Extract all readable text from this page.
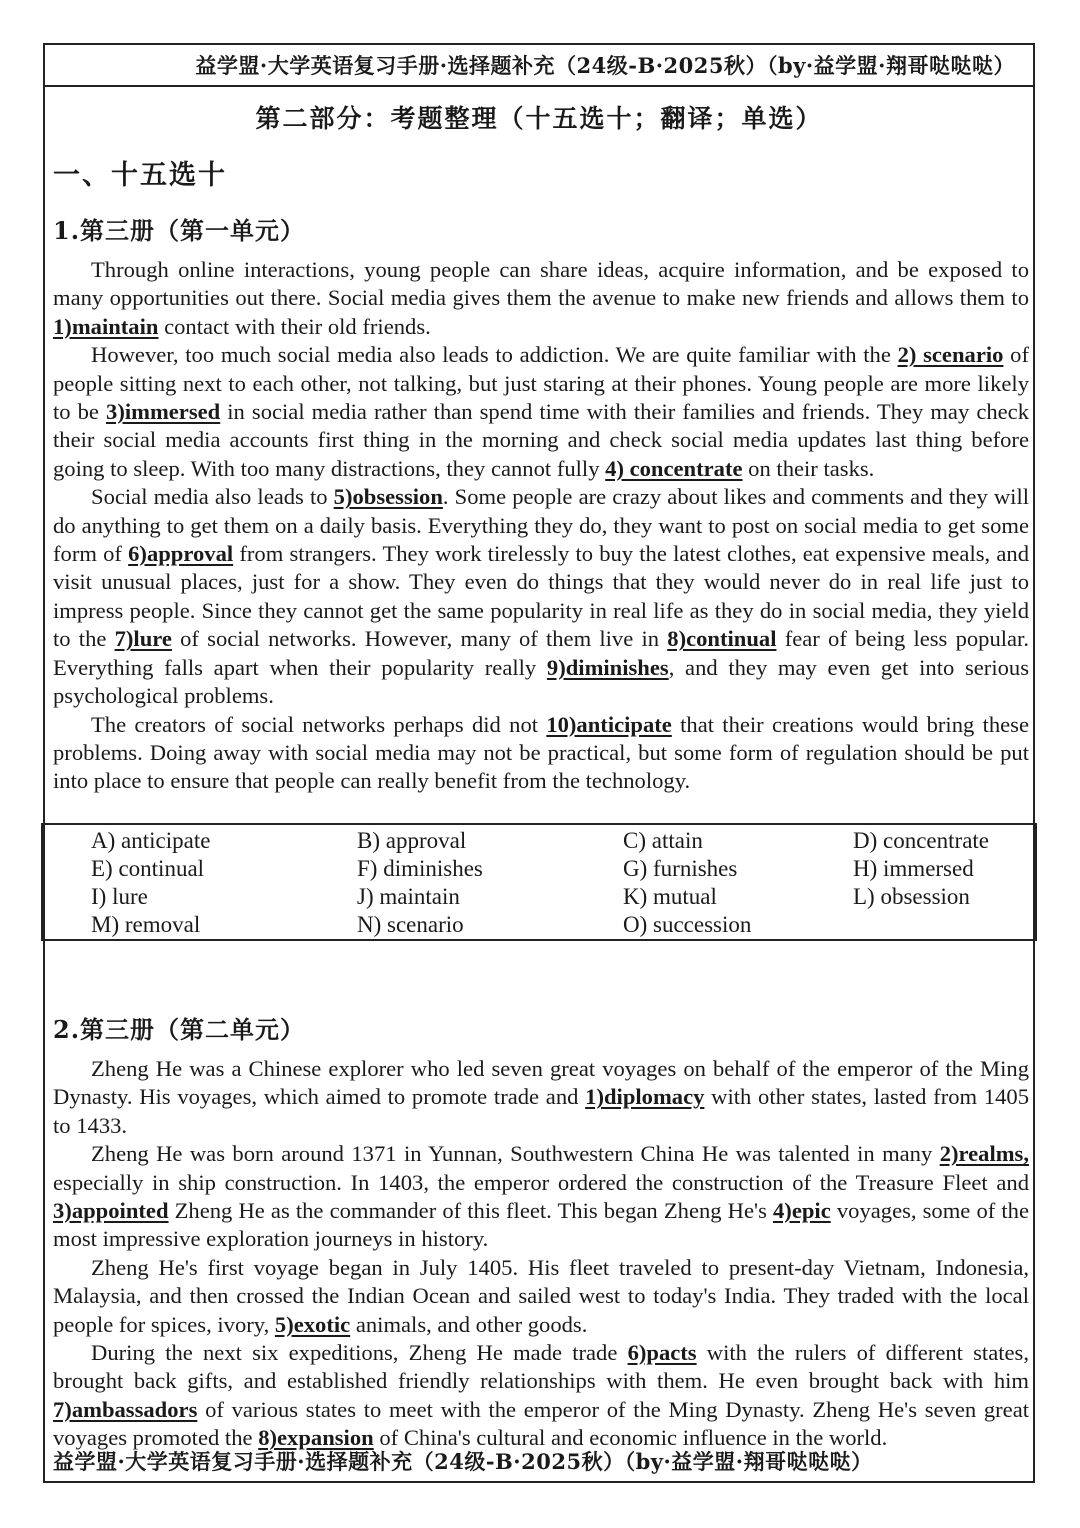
益学盟·大学英语复习手册·选择题补充（24级-B·2025秋）（by·益学盟·翔哥哒哒哒）
第二部分：考题整理（十五选十；翻译；单选）
一、十五选十
1.第三册（第一单元）

Through online interactions, young people can share ideas, acquire information, and be exposed to many opportunities out there. Social media gives them the avenue to make new friends and allows them to 1)maintain contact with their old friends.

However, too much social media also leads to addiction. We are quite familiar with the 2) scenario of people sitting next to each other, not talking, but just staring at their phones. Young people are more likely to be 3)immersed in social media rather than spend time with their families and friends. They may check their social media accounts first thing in the morning and check social media updates last thing before going to sleep. With too many distractions, they cannot fully 4) concentrate on their tasks.

Social media also leads to 5)obsession. Some people are crazy about likes and comments and they will do anything to get them on a daily basis. Everything they do, they want to post on social media to get some form of 6)approval from strangers. They work tirelessly to buy the latest clothes, eat expensive meals, and visit unusual places, just for a show. They even do things that they would never do in real life just to impress people. Since they cannot get the same popularity in real life as they do in social media, they yield to the 7)lure of social networks. However, many of them live in 8)continual fear of being less popular. Everything falls apart when their popularity really 9)diminishes, and they may even get into serious psychological problems.

The creators of social networks perhaps did not 10)anticipate that their creations would bring these problems. Doing away with social media may not be practical, but some form of regulation should be put into place to ensure that people can really benefit from the technology.

A) anticipate	B) approval	C) attain	D) concentrate
E) continual	F) diminishes	G) furnishes	H) immersed
I) lure	J) maintain	K) mutual	L) obsession
M) removal	N) scenario	O) succession
2.第三册（第二单元）

Zheng He was a Chinese explorer who led seven great voyages on behalf of the emperor of the Ming Dynasty. His voyages, which aimed to promote trade and 1)diplomacy with other states, lasted from 1405 to 1433.

Zheng He was born around 1371 in Yunnan, Southwestern China He was talented in many 2)realms, especially in ship construction. In 1403, the emperor ordered the construction of the Treasure Fleet and 3)appointed Zheng He as the commander of this fleet. This began Zheng He's 4)epic voyages, some of the most impressive exploration journeys in history.

Zheng He's first voyage began in July 1405. His fleet traveled to present-day Vietnam, Indonesia, Malaysia, and then crossed the Indian Ocean and sailed west to today's India. They traded with the local people for spices, ivory, 5)exotic animals, and other goods.

During the next six expeditions, Zheng He made trade 6)pacts with the rulers of different states, brought back gifts, and established friendly relationships with them. He even brought back with him 7)ambassadors of various states to meet with the emperor of the Ming Dynasty. Zheng He's seven great voyages promoted the 8)expansion of China's cultural and economic influence in the world.

益学盟·大学英语复习手册·选择题补充（24级-B·2025秋）（by·益学盟·翔哥哒哒哒）
